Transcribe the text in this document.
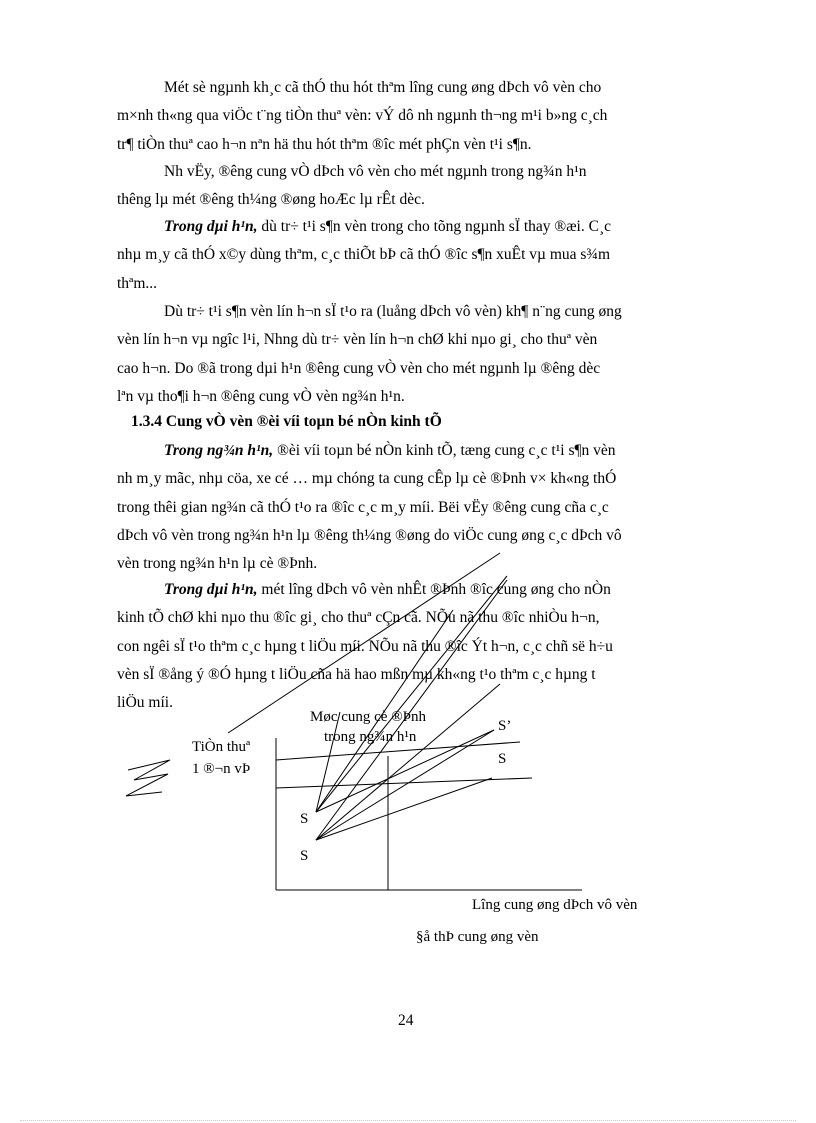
Mét sè ngµnh kh¸c cã thÓ thu hót thªm lîng cung øng dÞch vô vèn cho
m×nh th«ng qua viÖc t¨ng tiÒn thuª vèn: vÝ dô nh ngµnh th¬ng m¹i b»ng c¸ch
tr¶ tiÒn thuª cao h¬n nªn hä thu hót thªm ®îc mét phÇn vèn t¹i s¶n.

Nh vËy, ®êng cung vÒ dÞch vô vèn cho mét ngµnh trong ng¾n h¹n
thêng lµ mét ®êng th¼ng ®øng hoÆc lµ rÊt dèc.

Trong dµi h¹n, dù tr÷ t¹i s¶n vèn trong cho tõng ngµnh sÏ thay ®æi. C¸c
nhµ m¸y cã thÓ x©y dùng thªm, c¸c thiÕt bÞ cã thÓ ®îc s¶n xuÊt vµ mua s¾m
thªm...

Dù tr÷ t¹i s¶n vèn lín h¬n sÏ t¹o ra (luång dÞch vô vèn) kh¶ n¨ng cung øng
vèn lín h¬n vµ ngîc l¹i, Nhng dù tr÷ vèn lín h¬n chØ khi nµo gi¸ cho thuª vèn
cao h¬n. Do ®ã trong dµi h¹n ®êng cung vÒ vèn cho mét ngµnh lµ ®êng dèc
lªn vµ tho¶i h¬n ®êng cung vÒ vèn ng¾n h¹n.

1.3.4 Cung vÒ vèn ®èi víi toµn bé nÒn kinh tÕ

Trong ng¾n h¹n, ®èi víi toµn bé nÒn kinh tÕ, tæng cung c¸c t¹i s¶n vèn
nh m¸y mãc, nhµ cöa, xe cé … mµ chóng ta cung cÊp lµ cè ®Þnh v× kh«ng thÓ
trong thêi gian ng¾n cã thÓ t¹o ra ®îc c¸c m¸y míi. Bëi vËy ®êng cung cña c¸c
dÞch vô vèn trong ng¾n h¹n lµ ®êng th¼ng ®øng do viÖc cung øng c¸c dÞch vô
vèn trong ng¾n h¹n lµ cè ®Þnh.

Trong dµi h¹n, mét lîng dÞch vô vèn nhÊt ®Þnh ®îc cung øng cho nÒn
kinh tÕ chØ khi nµo thu ®îc gi¸ cho thuª cÇn cã. NÕu nã thu ®îc nhiÒu h¬n,
con ngêi sÏ t¹o thªm c¸c hµng t liÖu míi. NÕu nã thu ®îc Ýt h¬n, c¸c chñ së h÷u
vèn sÏ ®ång ý ®Ó hµng t liÖu cña hä hao mßn mµ kh«ng t¹o thªm c¸c hµng t
liÖu míi.

TiÒn thuª
1 ®¬n vÞ
Møc cung cè ®Þnh
trong ng¾n h¹n
S’
S
S
S
Lîng cung øng dÞch vô vèn
§å thÞ cung øng vèn
24
